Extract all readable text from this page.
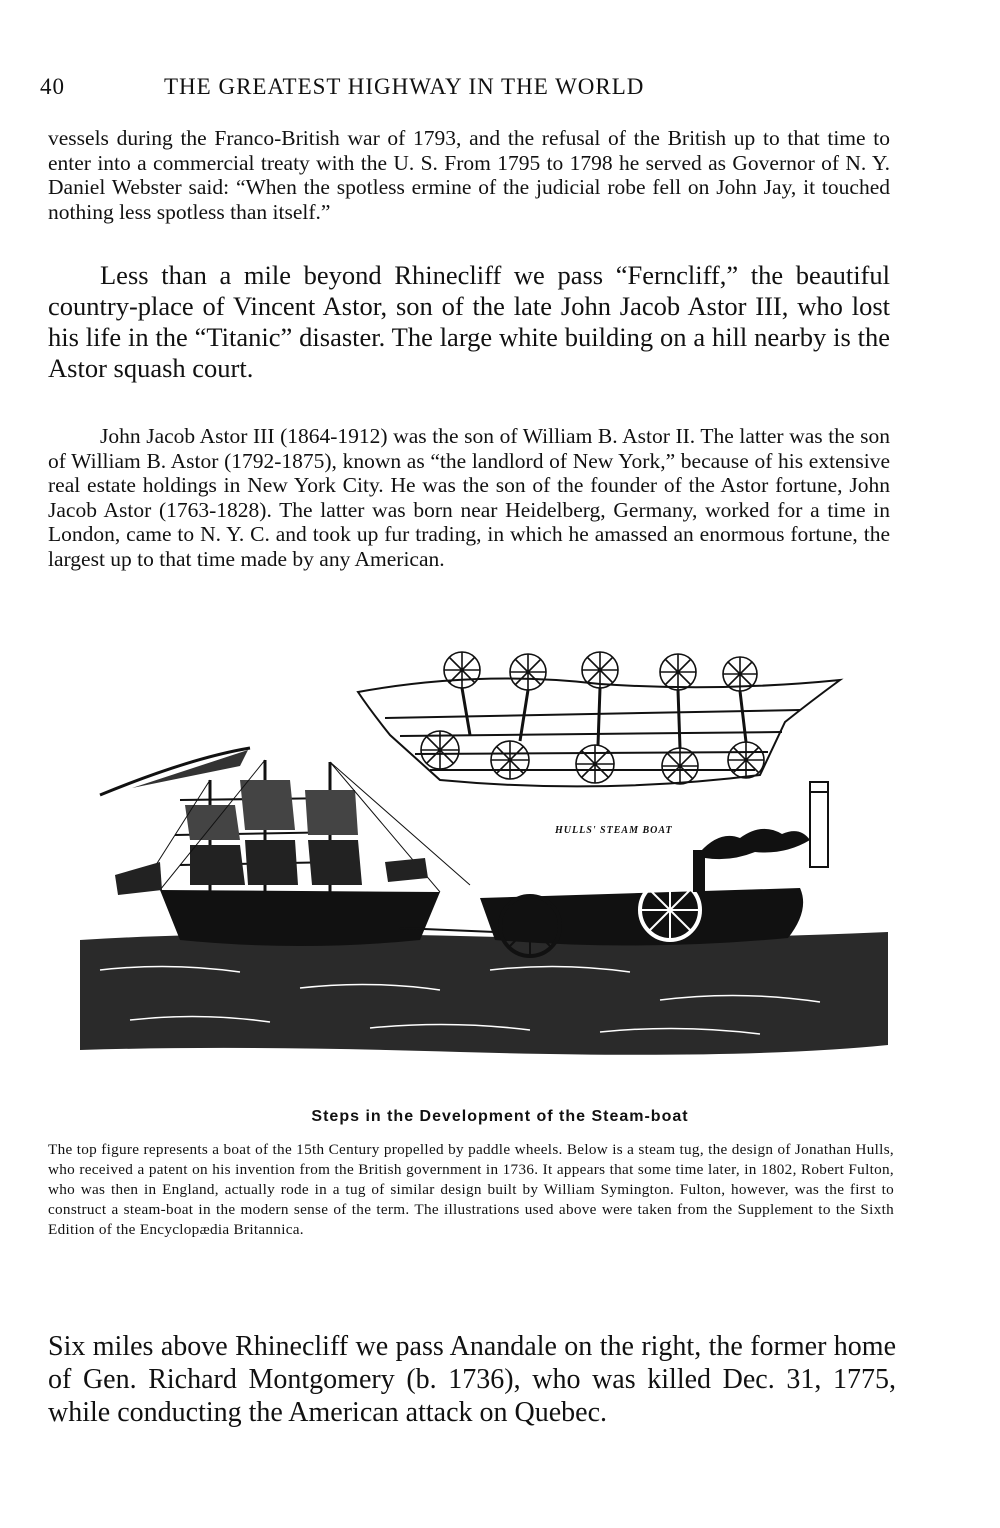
40	THE GREATEST HIGHWAY IN THE WORLD

vessels during the Franco-British war of 1793, and the refusal of the British up to that time to enter into a commercial treaty with the U. S. From 1795 to 1798 he served as Governor of N. Y. Daniel Webster said: “When the spotless ermine of the judicial robe fell on John Jay, it touched nothing less spotless than itself.”

Less than a mile beyond Rhinecliff we pass “Ferncliff,” the beautiful country-place of Vincent Astor, son of the late John Jacob Astor III, who lost his life in the “Titanic” disaster. The large white building on a hill nearby is the Astor squash court.

John Jacob Astor III (1864-1912) was the son of William B. Astor II. The latter was the son of William B. Astor (1792-1875), known as “the landlord of New York,” because of his extensive real estate holdings in New York City. He was the son of the founder of the Astor fortune, John Jacob Astor (1763-1828). The latter was born near Heidelberg, Germany, worked for a time in London, came to N. Y. C. and took up fur trading, in which he amassed an enormous fortune, the largest up to that time made by any American.

HULLS' STEAM BOAT
Steps in the Development of the Steam-boat

The top figure represents a boat of the 15th Century propelled by paddle wheels. Below is a steam tug, the design of Jonathan Hulls, who received a patent on his invention from the British government in 1736. It appears that some time later, in 1802, Robert Fulton, who was then in England, actually rode in a tug of similar design built by William Symington. Fulton, however, was the first to construct a steam-boat in the modern sense of the term. The illustrations used above were taken from the Supplement to the Sixth Edition of the Encyclopædia Britannica.

Six miles above Rhinecliff we pass Anandale on the right, the former home of Gen. Richard Montgomery (b. 1736), who was killed Dec. 31, 1775, while conducting the American attack on Quebec.
